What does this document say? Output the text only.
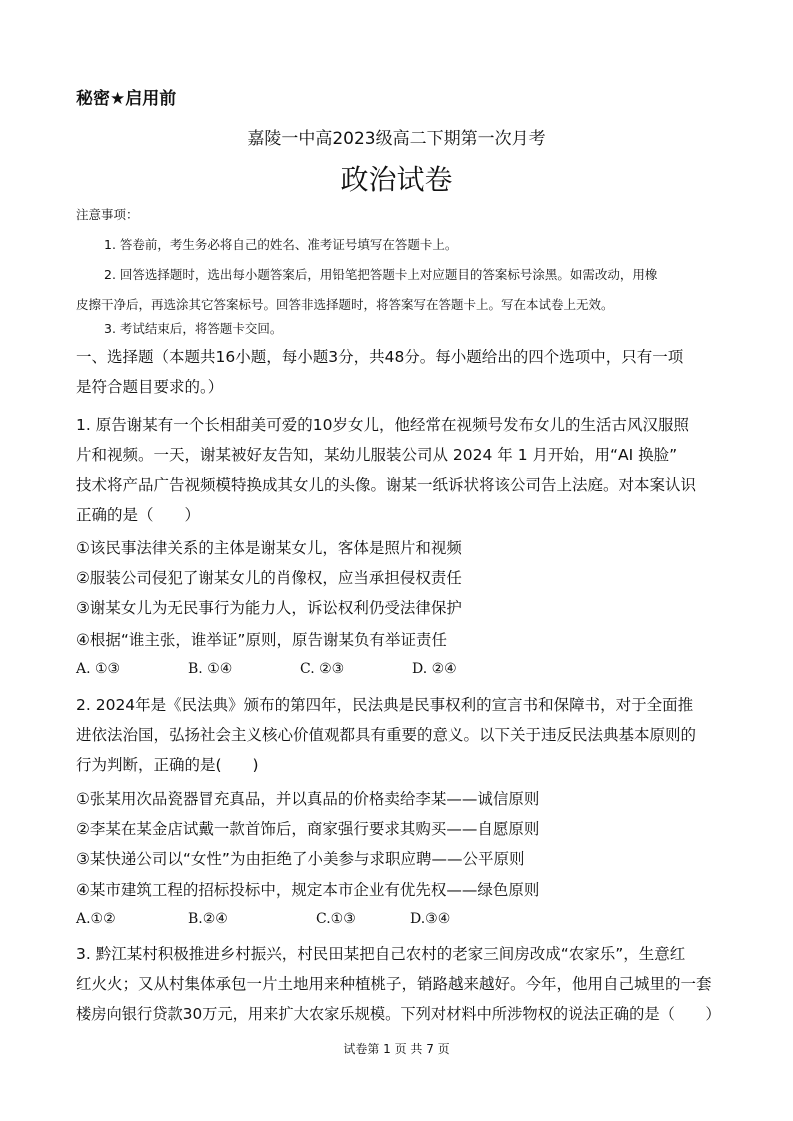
秘密★启用前
嘉陵一中高2023级高二下期第一次月考
政治试卷
注意事项：
1. 答卷前，考生务必将自己的姓名、准考证号填写在答题卡上。
2. 回答选择题时，选出每小题答案后，用铅笔把答题卡上对应题目的答案标号涂黑。如需改动，用橡
皮擦干净后，再选涂其它答案标号。回答非选择题时，将答案写在答题卡上。写在本试卷上无效。
3. 考试结束后，将答题卡交回。
一、选择题（本题共16小题，每小题3分，共48分。每小题给出的四个选项中，只有一项
是符合题目要求的。）
1. 原告谢某有一个长相甜美可爱的10岁女儿，他经常在视频号发布女儿的生活古风汉服照
片和视频。一天，谢某被好友告知，某幼儿服装公司从 2024 年 1 月开始，用“AI 换脸”
技术将产品广告视频模特换成其女儿的头像。谢某一纸诉状将该公司告上法庭。对本案认识
正确的是（　　）
①该民事法律关系的主体是谢某女儿，客体是照片和视频
②服装公司侵犯了谢某女儿的肖像权，应当承担侵权责任
③谢某女儿为无民事行为能力人，诉讼权利仍受法律保护
④根据“谁主张，谁举证”原则，原告谢某负有举证责任
A. ①③	B. ①④	C. ②③	D. ②④
2. 2024年是《民法典》颁布的第四年，民法典是民事权利的宣言书和保障书，对于全面推
进依法治国，弘扬社会主义核心价值观都具有重要的意义。以下关于违反民法典基本原则的
行为判断，正确的是(　　)
①张某用次品瓷器冒充真品，并以真品的价格卖给李某——诚信原则
②李某在某金店试戴一款首饰后，商家强行要求其购买——自愿原则
③某快递公司以“女性”为由拒绝了小美参与求职应聘——公平原则
④某市建筑工程的招标投标中，规定本市企业有优先权——绿色原则
A.①②	B.②④	C.①③	D.③④
3. 黔江某村积极推进乡村振兴，村民田某把自己农村的老家三间房改成“农家乐”，生意红
红火火；又从村集体承包一片土地用来种植桃子，销路越来越好。今年，他用自己城里的一套
楼房向银行贷款30万元，用来扩大农家乐规模。下列对材料中所涉物权的说法正确的是（　　）
试卷第 1 页 共 7 页
